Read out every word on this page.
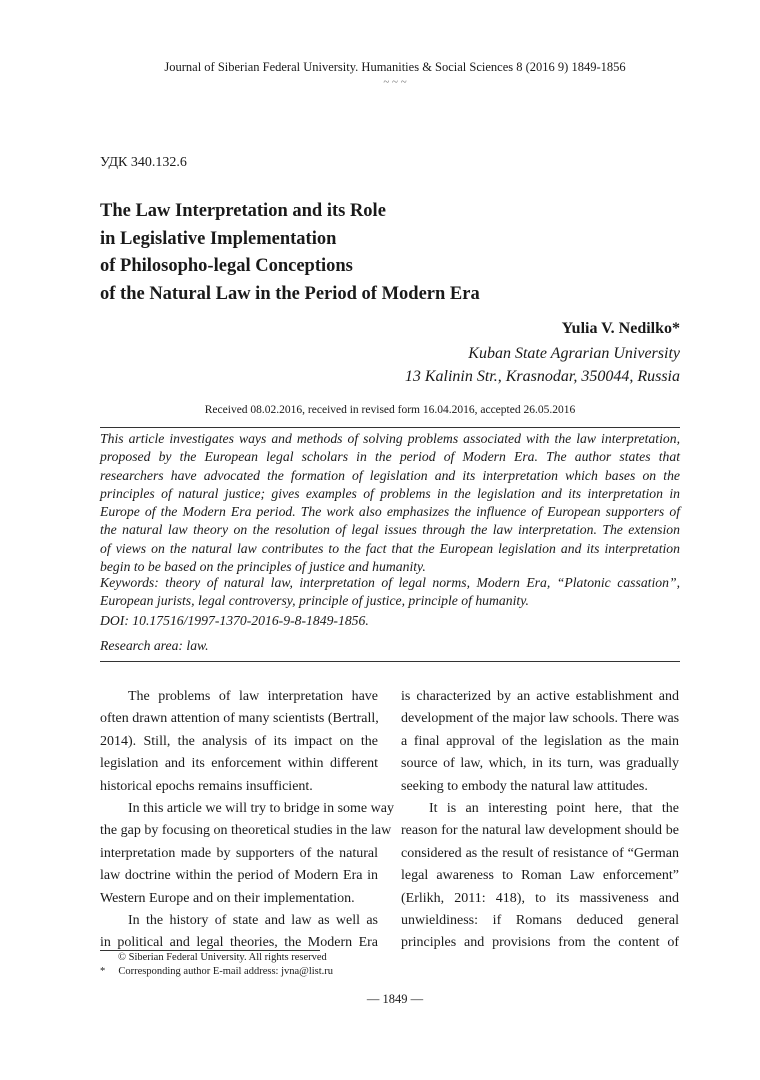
Journal of Siberian Federal University. Humanities & Social Sciences 8 (2016 9) 1849-1856
~ ~ ~
УДК 340.132.6
The Law Interpretation and its Role
in Legislative Implementation
of Philosopho-legal Conceptions
of the Natural Law in the Period of Modern Era
Yulia V. Nedilko*
Kuban State Agrarian University
13 Kalinin Str., Krasnodar, 350044, Russia
Received 08.02.2016, received in revised form 16.04.2016, accepted 26.05.2016
This article investigates ways and methods of solving problems associated with the law interpretation,
proposed by the European legal scholars in the period of Modern Era. The author states that
researchers have advocated the formation of legislation and its interpretation which bases on the
principles of natural justice; gives examples of problems in the legislation and its interpretation in
Europe of the Modern Era period. The work also emphasizes the influence of European supporters of
the natural law theory on the resolution of legal issues through the law interpretation. The extension
of views on the natural law contributes to the fact that the European legislation and its interpretation
begin to be based on the principles of justice and humanity.
Keywords: theory of natural law, interpretation of legal norms, Modern Era, “Platonic cassation”,
European jurists, legal controversy, principle of justice, principle of humanity.
DOI: 10.17516/1997-1370-2016-9-8-1849-1856.
Research area: law.
The problems of law interpretation have
often drawn attention of many scientists (Bertrall,
2014). Still, the analysis of its impact on the
legislation and its enforcement within different
historical epochs remains insufficient.
In this article we will try to bridge in some way
the gap by focusing on theoretical studies in the law
interpretation made by supporters of the natural
law doctrine within the period of Modern Era in
Western Europe and on their implementation.
In the history of state and law as well as
in political and legal theories, the Modern Era
is characterized by an active establishment and
development of the major law schools. There was
a final approval of the legislation as the main
source of law, which, in its turn, was gradually
seeking to embody the natural law attitudes.
It is an interesting point here, that the
reason for the natural law development should be
considered as the result of resistance of “German
legal awareness to Roman Law enforcement”
(Erlikh, 2011: 418), to its massiveness and
unwieldiness: if Romans deduced general
principles and provisions from the content of
© Siberian Federal University. All rights reserved
*     Corresponding author E-mail address: jvna@list.ru
— 1849 —
